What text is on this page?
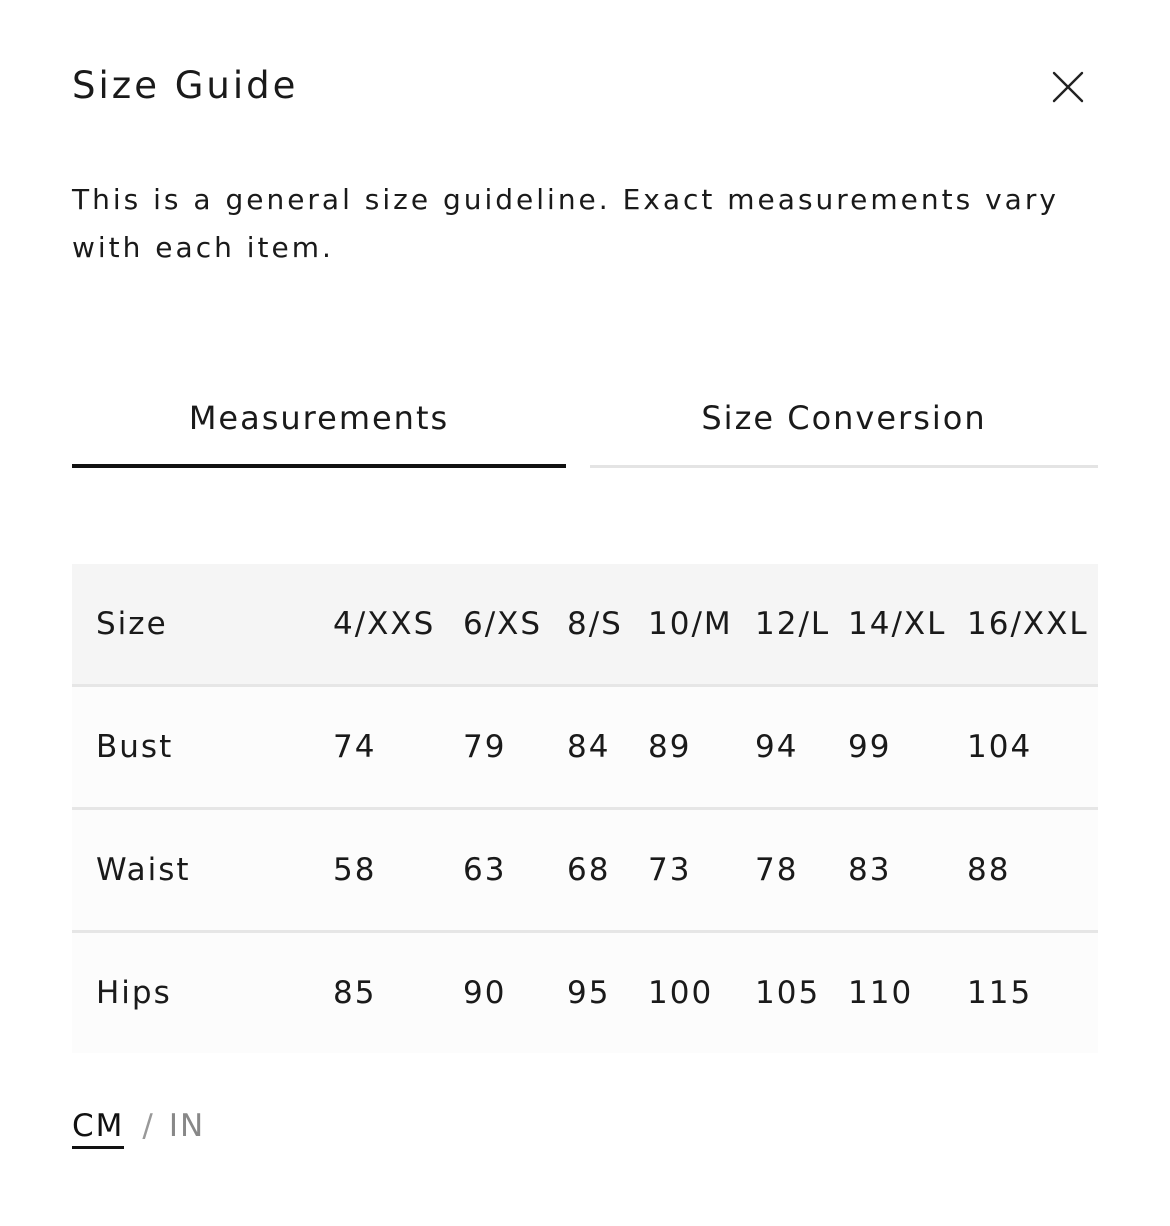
Size Guide

This is a general size guideline. Exact measurements vary with each item.

Measurements	Size Conversion
Size	4/XXS	6/XS	8/S	10/M	12/L	14/XL	16/XXL
Bust	74	79	84	89	94	99	104
Waist	58	63	68	73	78	83	88
Hips	85	90	95	100	105	110	115
CM / IN
